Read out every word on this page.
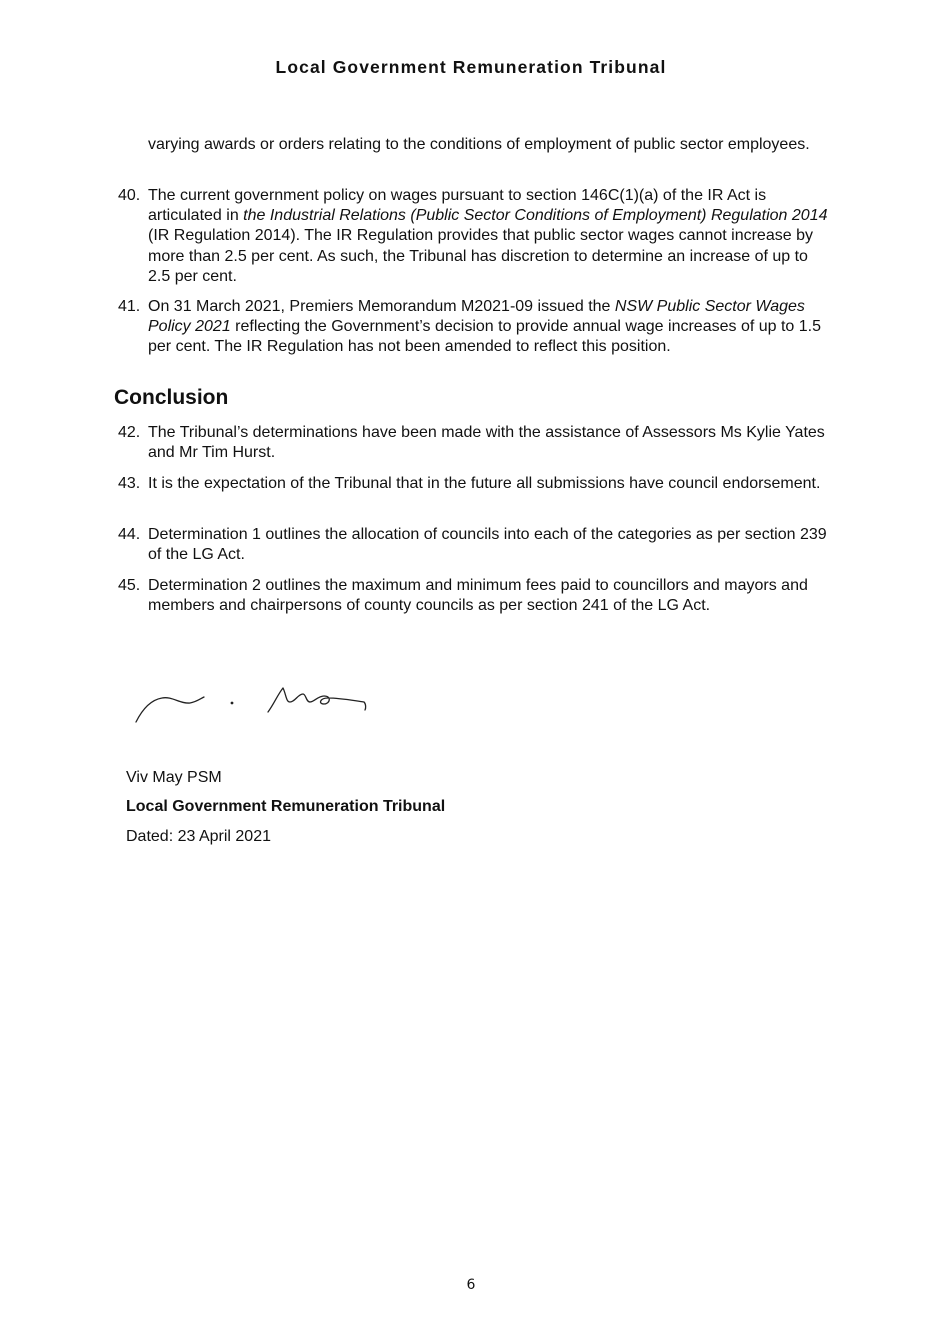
Local Government Remuneration Tribunal
varying awards or orders relating to the conditions of employment of public sector employees.
40. The current government policy on wages pursuant to section 146C(1)(a) of the IR Act is articulated in the Industrial Relations (Public Sector Conditions of Employment) Regulation 2014 (IR Regulation 2014). The IR Regulation provides that public sector wages cannot increase by more than 2.5 per cent. As such, the Tribunal has discretion to determine an increase of up to 2.5 per cent.
41. On 31 March 2021, Premiers Memorandum M2021-09 issued the NSW Public Sector Wages Policy 2021 reflecting the Government’s decision to provide annual wage increases of up to 1.5 per cent. The IR Regulation has not been amended to reflect this position.
Conclusion
42. The Tribunal’s determinations have been made with the assistance of Assessors Ms Kylie Yates and Mr Tim Hurst.
43. It is the expectation of the Tribunal that in the future all submissions have council endorsement.
44. Determination 1 outlines the allocation of councils into each of the categories as per section 239 of the LG Act.
45. Determination 2 outlines the maximum and minimum fees paid to councillors and mayors and members and chairpersons of county councils as per section 241 of the LG Act.
Viv May PSM
Local Government Remuneration Tribunal
Dated: 23 April 2021
6
